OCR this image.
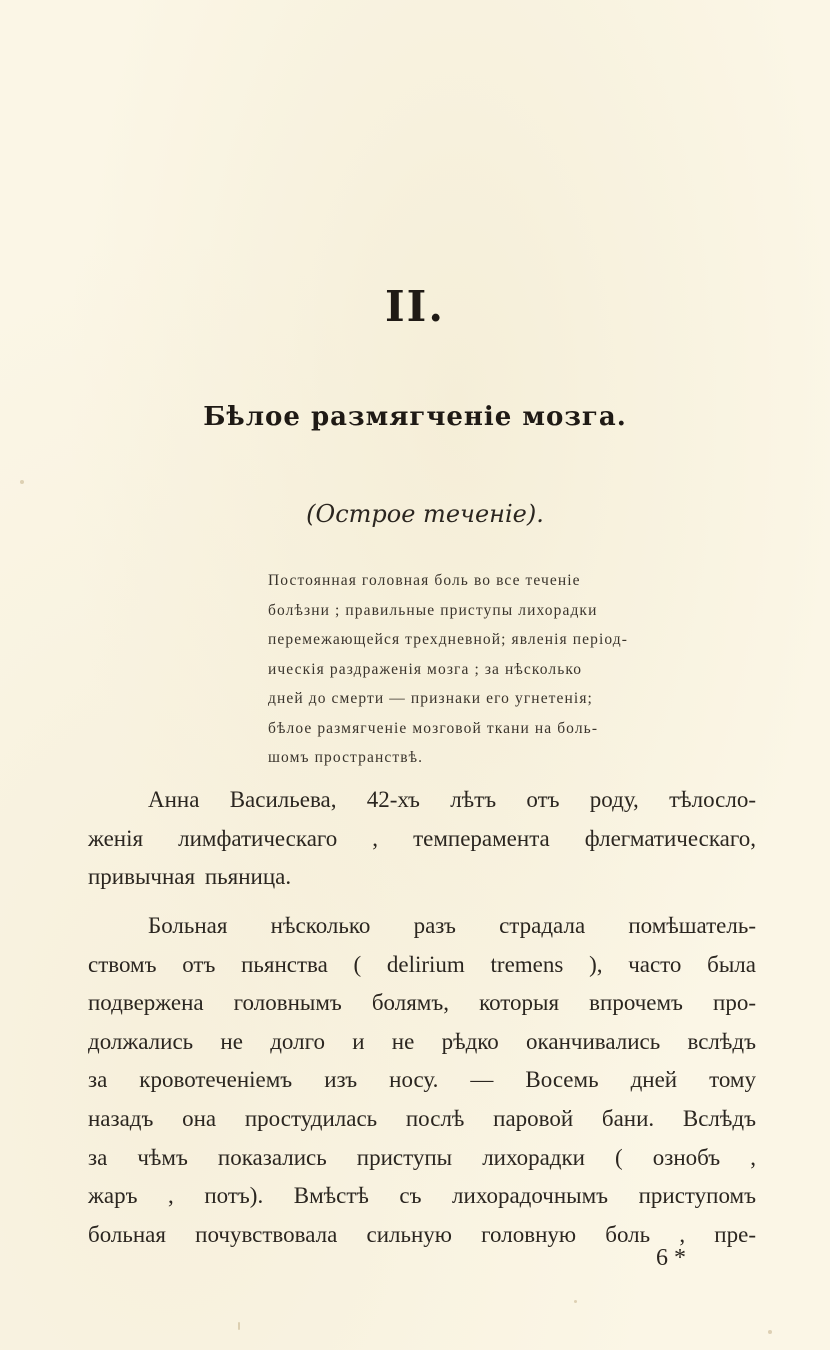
II.
Бѣлое размягченіе мозга.
(Острое теченіе).

Постоянная головная боль во все теченіе

болѣзни ; правильные приступы лихорадки

перемежающейся трехдневной; явленія період-

ическія раздраженія мозга ; за нѣсколько

дней до смерти — признаки его угнетенія;

бѣлое размягченіе мозговой ткани на боль-

шомъ пространствѣ.

Анна Васильева, 42-хъ лѣтъ отъ роду, тѣлосло-
женія лимфатическаго , темперамента флегматическаго,
привычная пьяница.
Больная нѣсколько разъ страдала помѣшатель-
ствомъ отъ пьянства ( delirium tremens ), часто была
подвержена головнымъ болямъ, которыя впрочемъ про-
должались не долго и не рѣдко оканчивались вслѣдъ
за кровотеченіемъ изъ носу. — Восемь дней тому
назадъ она простудилась послѣ паровой бани. Вслѣдъ
за чѣмъ показались приступы лихорадки ( ознобъ ,
жаръ , потъ). Вмѣстѣ съ лихорадочнымъ приступомъ
больная почувствовала сильную головную боль , пре-
6 *
